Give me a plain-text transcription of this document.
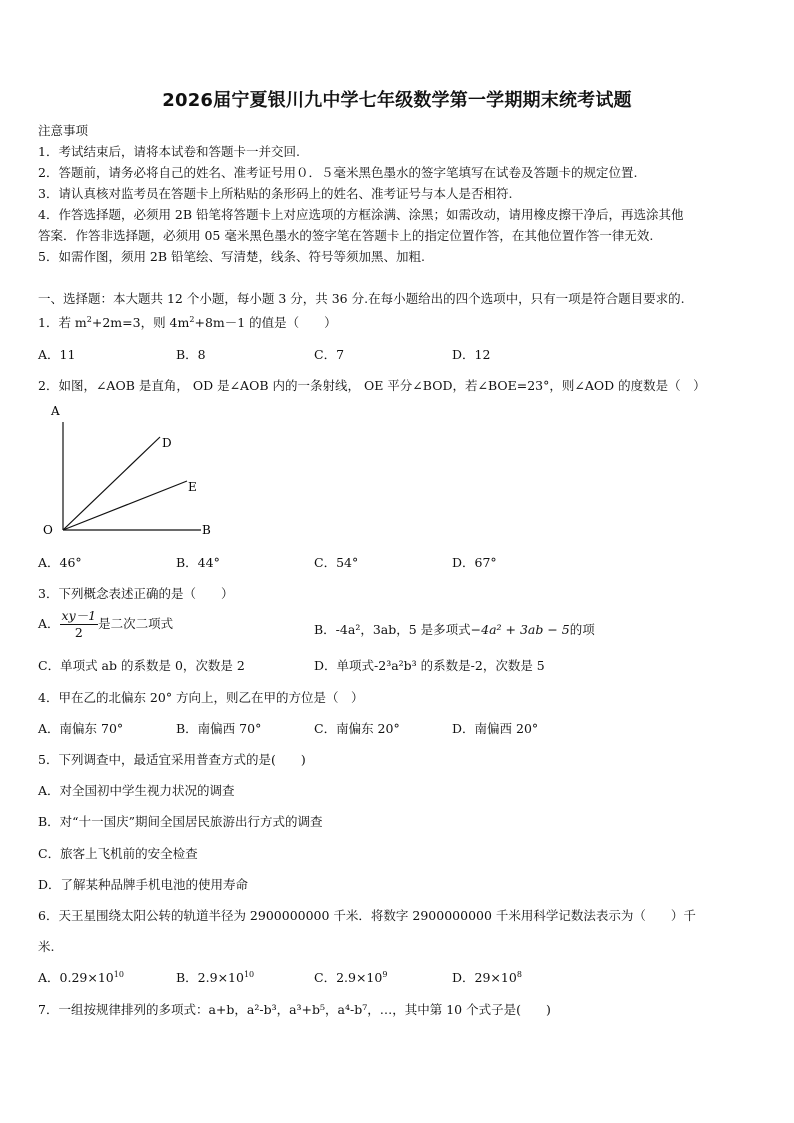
2026届宁夏银川九中学七年级数学第一学期期末统考试题
注意事项
1．考试结束后，请将本试卷和答题卡一并交回.
2．答题前，请务必将自己的姓名、准考证号用０．５毫米黑色墨水的签字笔填写在试卷及答题卡的规定位置.
3．请认真核对监考员在答题卡上所粘贴的条形码上的姓名、准考证号与本人是否相符.
4．作答选择题，必须用 2B 铅笔将答题卡上对应选项的方框涂满、涂黑；如需改动，请用橡皮擦干净后，再选涂其他
答案．作答非选择题，必须用 05 毫米黑色墨水的签字笔在答题卡上的指定位置作答，在其他位置作答一律无效.
5．如需作图，须用 2B 铅笔绘、写清楚，线条、符号等须加黑、加粗.
一、选择题：本大题共 12 个小题，每小题 3 分，共 36 分.在每小题给出的四个选项中，只有一项是符合题目要求的.
1．若 $m^2+2m=3$，则 $4m^2+8m-1$ 的值是（　　）
A．11	B．8	C．7	D．12
2．如图，∠AOB 是直角， OD 是∠AOB 内的一条射线， OE 平分∠BOD，若∠BOE=23°，则∠AOD 的度数是（　）
A
D
E
O	B
A．46°	B．44°	C．54°	D．67°
3．下列概念表述正确的是（　　）
A． $\frac{xy-1}{2}$ 是二次二项式	B．-4a²，3ab，5 是多项式−4a² + 3ab − 5的项
C．单项式 ab 的系数是 0，次数是 2	D．单项式-2³a²b³ 的系数是-2，次数是 5
4．甲在乙的北偏东 20° 方向上，则乙在甲的方位是（　）
A．南偏东 70°	B．南偏西 70°	C．南偏东 20°	D．南偏西 20°
5．下列调查中，最适宜采用普查方式的是(　　)
A．对全国初中学生视力状况的调查
B．对“十一国庆”期间全国居民旅游出行方式的调查
C．旅客上飞机前的安全检查
D．了解某种品牌手机电池的使用寿命
6．天王星围绕太阳公转的轨道半径为 2900000000 千米．将数字 2900000000 千米用科学记数法表示为（　　）千
米.
A．$0.29\times 10^{10}$	B．$2.9\times 10^{10}$	C．$2.9\times 10^9$	D．$29\times 10^8$
7．一组按规律排列的多项式：a+b，a²-b³，a³+b⁵，a⁴-b⁷，…，其中第 10 个式子是(　　)
